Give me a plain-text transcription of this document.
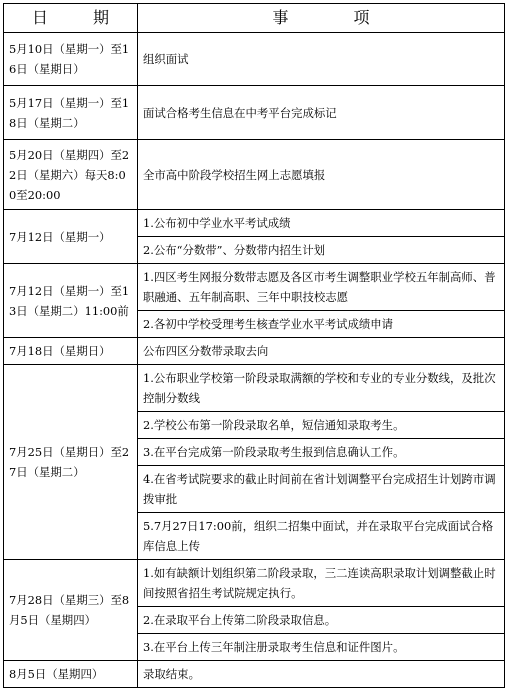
日 期	事 项
5月10日（星期一）至16日（星期日）	组织面试
5月17日（星期一）至18日（星期二）	面试合格考生信息在中考平台完成标记
5月20日（星期四）至22日（星期六）每天8:00至20:00	全市高中阶段学校招生网上志愿填报
7月12日（星期一）	1.公布初中学业水平考试成绩
	2.公布“分数带”、分数带内招生计划
7月12日（星期一）至13日（星期二）11:00前	1.四区考生网报分数带志愿及各区市考生调整职业学校五年制高师、普职融通、五年制高职、三年中职技校志愿
	2.各初中学校受理考生核查学业水平考试成绩申请
7月18日（星期日）	公布四区分数带录取去向
7月25日（星期日）至27日（星期二）	1.公布职业学校第一阶段录取满额的学校和专业的专业分数线，及批次控制分数线
	2.学校公布第一阶段录取名单，短信通知录取考生。
	3.在平台完成第一阶段录取考生报到信息确认工作。
	4.在省考试院要求的截止时间前在省计划调整平台完成招生计划跨市调拨审批
	5.7月27日17:00前，组织二招集中面试，并在录取平台完成面试合格库信息上传
7月28日（星期三）至8月5日（星期四）	1.如有缺额计划组织第二阶段录取，三二连读高职录取计划调整截止时间按照省招生考试院规定执行。
	2.在录取平台上传第二阶段录取信息。
	3.在平台上传三年制注册录取考生信息和证件图片。
8月5日（星期四）	录取结束。
